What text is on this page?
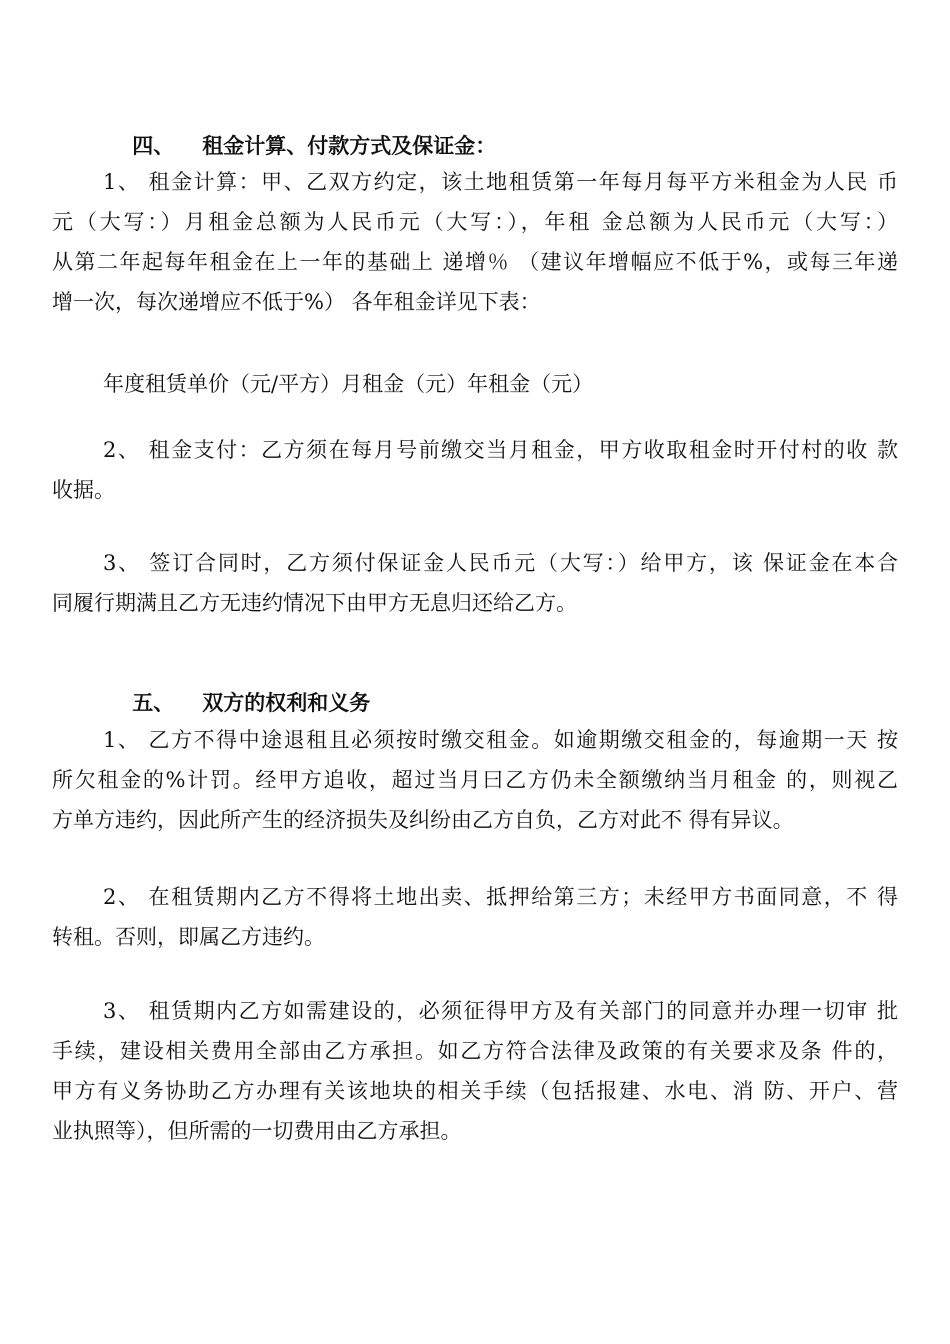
四、 租金计算、付款方式及保证金：

1、 租金计算：甲、乙双方约定，该土地租赁第一年每月每平方米租金为人民 币
元（大写：）月租金总额为人民币元（大写：），年租 金总额为人民币元（大写：）
从第二年起每年租金在上一年的基础上 递增％ （建议年增幅应不低于%，或每三年递
增一次，每次递增应不低于%） 各年租金详见下表：
年度租赁单价（元/平方）月租金（元）年租金（元）
2、 租金支付：乙方须在每月号前缴交当月租金，甲方收取租金时开付村的收 款
收据。
3、 签订合同时，乙方须付保证金人民币元（大写：）给甲方，该 保证金在本合
同履行期满且乙方无违约情况下由甲方无息归还给乙方。

五、 双方的权利和义务

1、 乙方不得中途退租且必须按时缴交租金。如逾期缴交租金的，每逾期一天 按
所欠租金的%计罚。经甲方追收，超过当月曰乙方仍未全额缴纳当月租金 的，则视乙
方单方违约，因此所产生的经济损失及纠纷由乙方自负，乙方对此不 得有异议。
2、 在租赁期内乙方不得将土地出卖、抵押给第三方；未经甲方书面同意，不 得
转租。否则，即属乙方违约。
3、 租赁期内乙方如需建设的，必须征得甲方及有关部门的同意并办理一切审 批
手续，建设相关费用全部由乙方承担。如乙方符合法律及政策的有关要求及条 件的，
甲方有义务协助乙方办理有关该地块的相关手续（包括报建、水电、消 防、开户、营
业执照等），但所需的一切费用由乙方承担。
